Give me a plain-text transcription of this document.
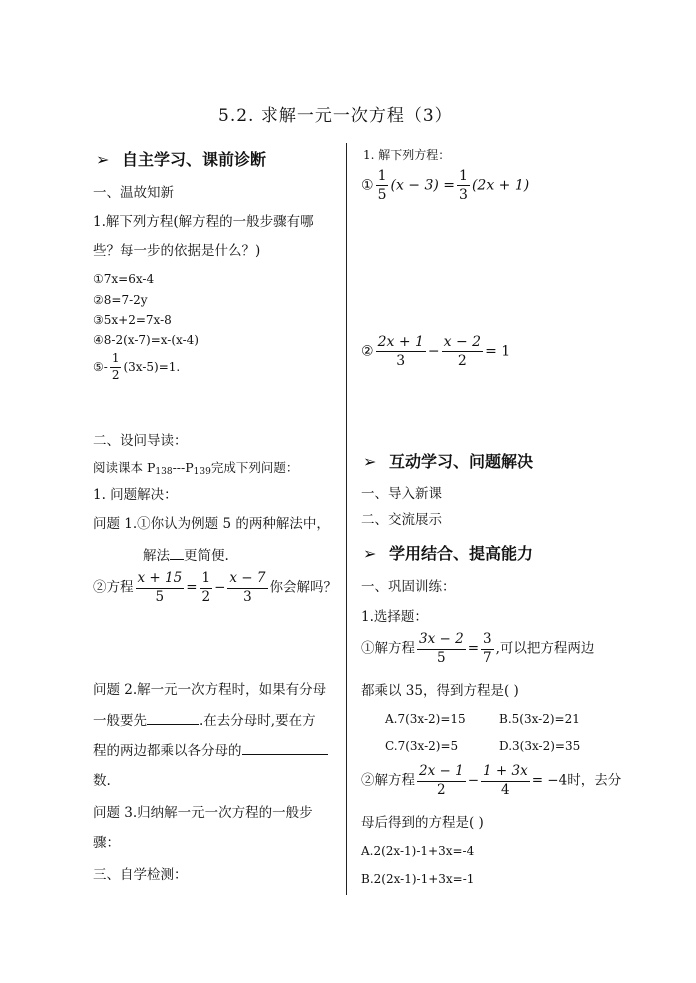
5.2. 求解一元一次方程（3）
➢ 自主学习、课前诊断
一、温故知新
1.解下列方程(解方程的一般步骤有哪
些？每一步的依据是什么？)
①7x=6x-4
②8=7-2y
③5x+2=7x-8
④8-2(x-7)=x-(x-4)
⑤- $\frac{1}{2} (3x-5)=1$.
二、设问导读：
阅读课本 $P_{138}---P_{139}$完成下列问题：
1. 问题解决：
问题 1.①你认为例题 5 的两种解法中，
解法 更简便.
②方程 $\frac{x + 15}{5} = \frac{1}{2} - \frac{x - 7}{3}$ 你会解吗？
问题 2.解一元一次方程时，如果有分母
一般要先	.在去分母时,要在方
程的两边都乘以各分母的
数.
问题 3.归纳解一元一次方程的一般步
骤：
三、自学检测：
1. 解下列方程：
① $\frac{1}{5} (x - 3) = \frac{1}{3} (2x + 1)$
② $\frac{2x + 1}{3} - \frac{x - 2}{2} = 1$
➢ 互动学习、问题解决
一、导入新课
二、交流展示
➢ 学用结合、提高能力
一、巩固训练：
1.选择题：
①解方程 $\frac{3x - 2}{5} = \frac{3}{7}$ ,可以把方程两边
都乘以 35，得到方程是( )
A.7(3x-2)=15	B.5(3x-2)=21
C.7(3x-2)=5	D.3(3x-2)=35
②解方程 $\frac{2x - 1}{2} - \frac{1 + 3x}{4} = -4$时，去分
母后得到的方程是( )
A.2(2x-1)-1+3x=-4
B.2(2x-1)-1+3x=-1
